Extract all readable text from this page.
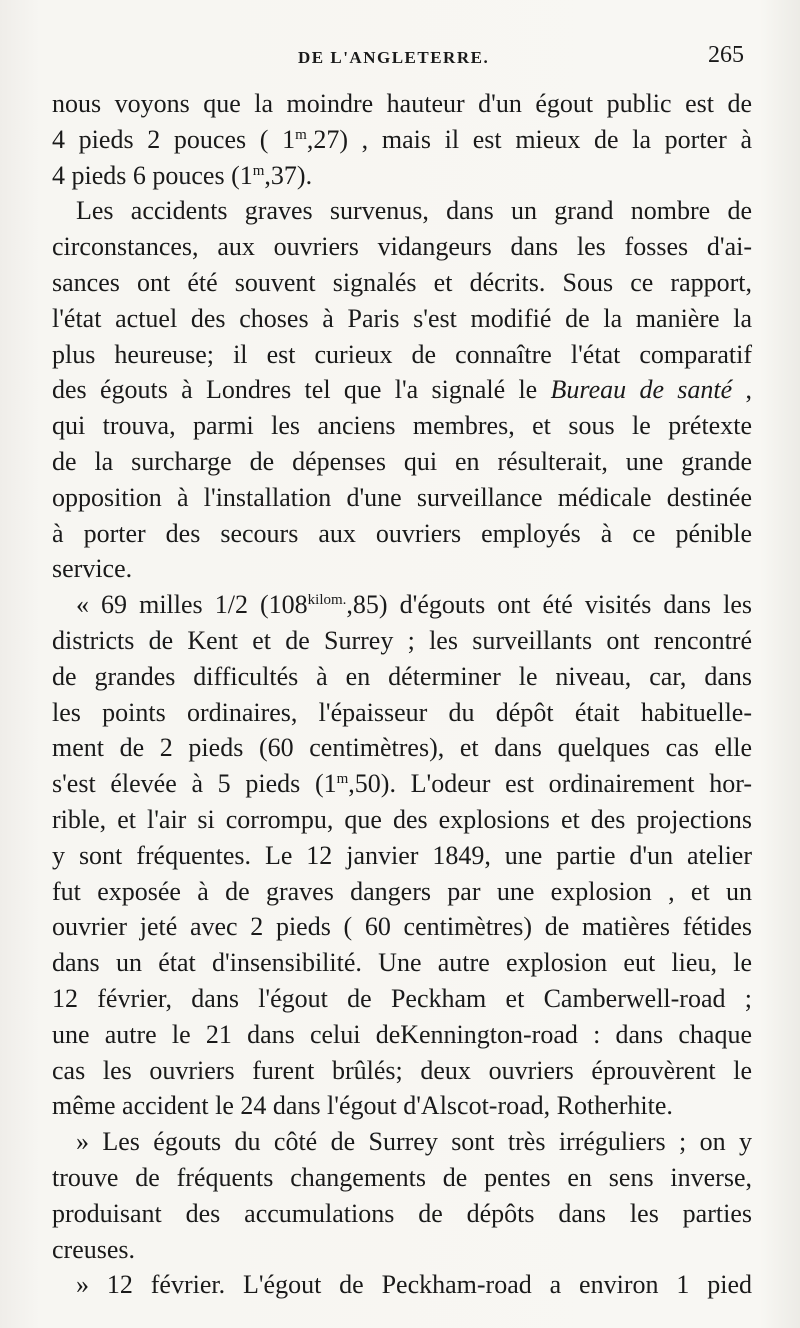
DE L'ANGLETERRE.	265
nous voyons que la moindre hauteur d'un égout public est de
4 pieds 2 pouces ( 1$^m$,27) , mais il est mieux de la porter à
4 pieds 6 pouces (1$^m$,37).
Les accidents graves survenus, dans un grand nombre de
circonstances, aux ouvriers vidangeurs dans les fosses d'ai-
sances ont été souvent signalés et décrits. Sous ce rapport,
l'état actuel des choses à Paris s'est modifié de la manière la
plus heureuse; il est curieux de connaître l'état comparatif
des égouts à Londres tel que l'a signalé le Bureau de santé ,
qui trouva, parmi les anciens membres, et sous le prétexte
de la surcharge de dépenses qui en résulterait, une grande
opposition à l'installation d'une surveillance médicale destinée
à porter des secours aux ouvriers employés à ce pénible
service.
« 69 milles 1/2 $(108^{kilom.},85)$ d'égouts ont été visités dans les
districts de Kent et de Surrey ; les surveillants ont rencontré
de grandes difficultés à en déterminer le niveau, car, dans
les points ordinaires, l'épaisseur du dépôt était habituelle-
ment de 2 pieds (60 centimètres), et dans quelques cas elle
s'est élevée à 5 pieds (1$^m$,50). L'odeur est ordinairement hor-
rible, et l'air si corrompu, que des explosions et des projections
y sont fréquentes. Le 12 janvier 1849, une partie d'un atelier
fut exposée à de graves dangers par une explosion , et un
ouvrier jeté avec 2 pieds ( 60 centimètres) de matières fétides
dans un état d'insensibilité. Une autre explosion eut lieu, le
12 février, dans l'égout de Peckham et Camberwell-road ;
une autre le 21 dans celui deKennington-road : dans chaque
cas les ouvriers furent brûlés; deux ouvriers éprouvèrent le
même accident le 24 dans l'égout d'Alscot-road, Rotherhite.
» Les égouts du côté de Surrey sont très irréguliers ; on y
trouve de fréquents changements de pentes en sens inverse,
produisant des accumulations de dépôts dans les parties
creuses.
» 12 février. L'égout de Peckham-road a environ 1 pied
